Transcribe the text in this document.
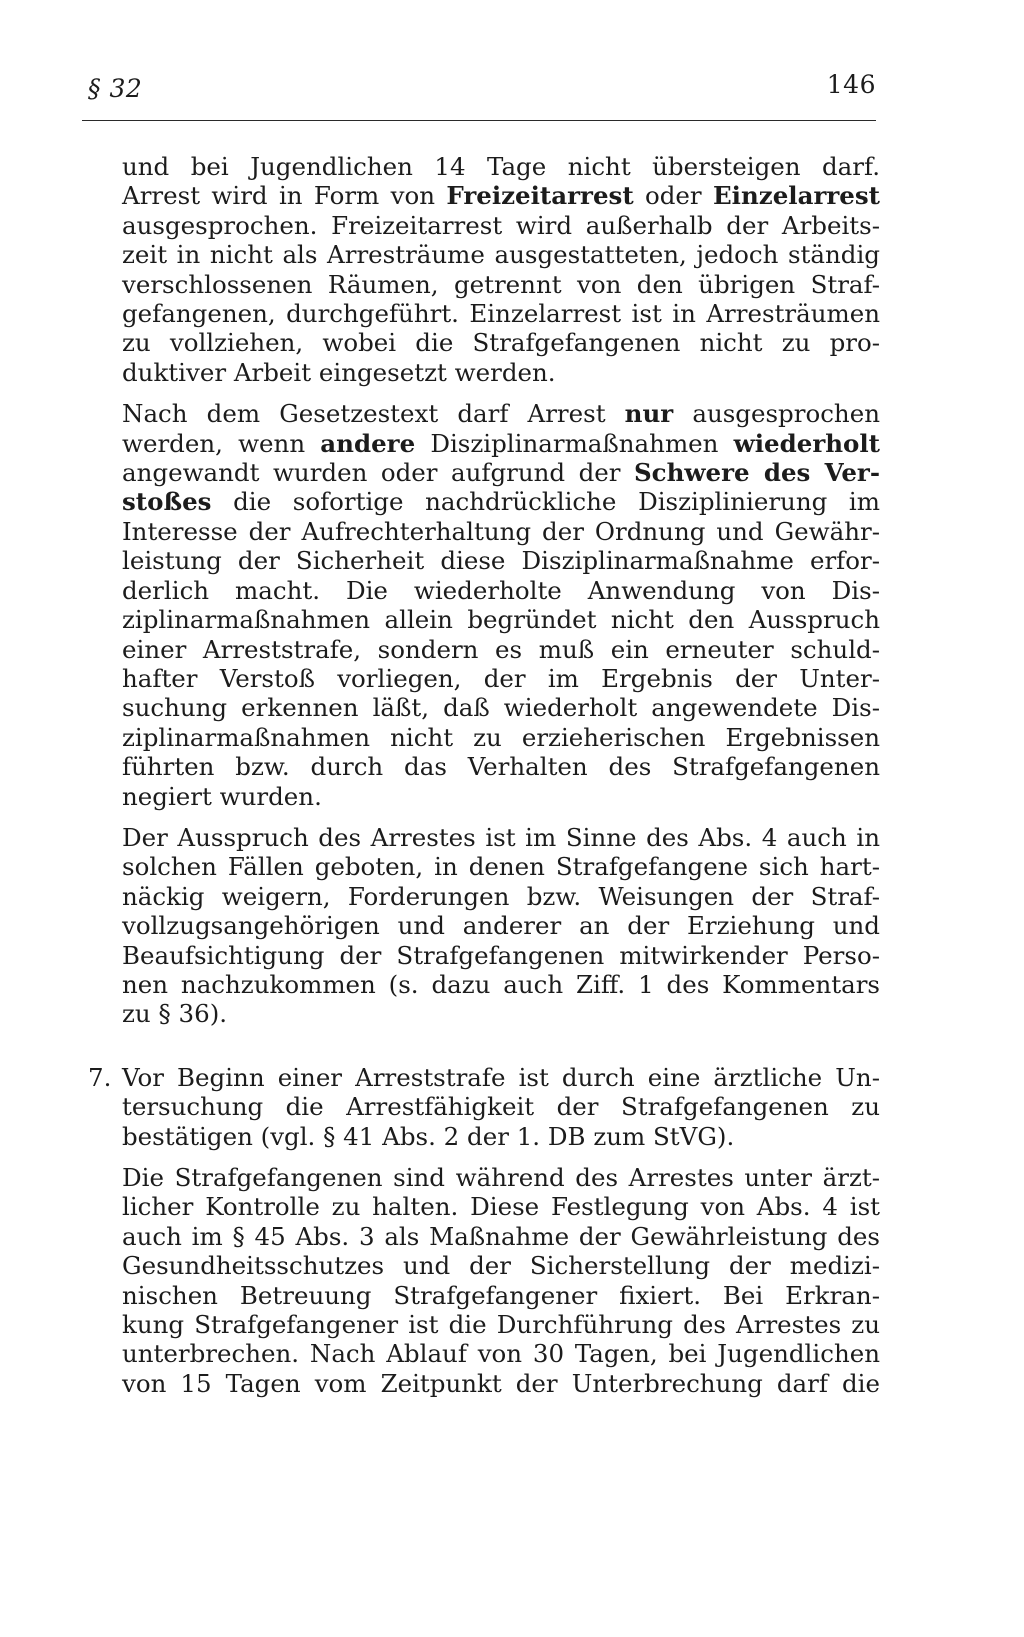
§ 32	146
und bei Jugendlichen 14 Tage nicht übersteigen darf.
Arrest wird in Form von Freizeitarrest oder Einzelarrest
ausgesprochen. Freizeitarrest wird außerhalb der Arbeits-
zeit in nicht als Arresträume ausgestatteten, jedoch ständig
verschlossenen Räumen, getrennt von den übrigen Straf-
gefangenen, durchgeführt. Einzelarrest ist in Arresträumen
zu vollziehen, wobei die Strafgefangenen nicht zu pro-
duktiver Arbeit eingesetzt werden.
Nach dem Gesetzestext darf Arrest nur ausgesprochen
werden, wenn andere Disziplinarmaßnahmen wiederholt
angewandt wurden oder aufgrund der Schwere des Ver-
stoßes die sofortige nachdrückliche Disziplinierung im
Interesse der Aufrechterhaltung der Ordnung und Gewähr-
leistung der Sicherheit diese Disziplinarmaßnahme erfor-
derlich macht. Die wiederholte Anwendung von Dis-
ziplinarmaßnahmen allein begründet nicht den Ausspruch
einer Arreststrafe, sondern es muß ein erneuter schuld-
hafter Verstoß vorliegen, der im Ergebnis der Unter-
suchung erkennen läßt, daß wiederholt angewendete Dis-
ziplinarmaßnahmen nicht zu erzieherischen Ergebnissen
führten bzw. durch das Verhalten des Strafgefangenen
negiert wurden.
Der Ausspruch des Arrestes ist im Sinne des Abs. 4 auch in
solchen Fällen geboten, in denen Strafgefangene sich hart-
näckig weigern, Forderungen bzw. Weisungen der Straf-
vollzugsangehörigen und anderer an der Erziehung und
Beaufsichtigung der Strafgefangenen mitwirkender Perso-
nen nachzukommen (s. dazu auch Ziff. 1 des Kommentars
zu § 36).
7. Vor Beginn einer Arreststrafe ist durch eine ärztliche Un-
tersuchung die Arrestfähigkeit der Strafgefangenen zu
bestätigen (vgl. § 41 Abs. 2 der 1. DB zum StVG).
Die Strafgefangenen sind während des Arrestes unter ärzt-
licher Kontrolle zu halten. Diese Festlegung von Abs. 4 ist
auch im § 45 Abs. 3 als Maßnahme der Gewährleistung des
Gesundheitsschutzes und der Sicherstellung der medizi-
nischen Betreuung Strafgefangener fixiert. Bei Erkran-
kung Strafgefangener ist die Durchführung des Arrestes zu
unterbrechen. Nach Ablauf von 30 Tagen, bei Jugendlichen
von 15 Tagen vom Zeitpunkt der Unterbrechung darf die
